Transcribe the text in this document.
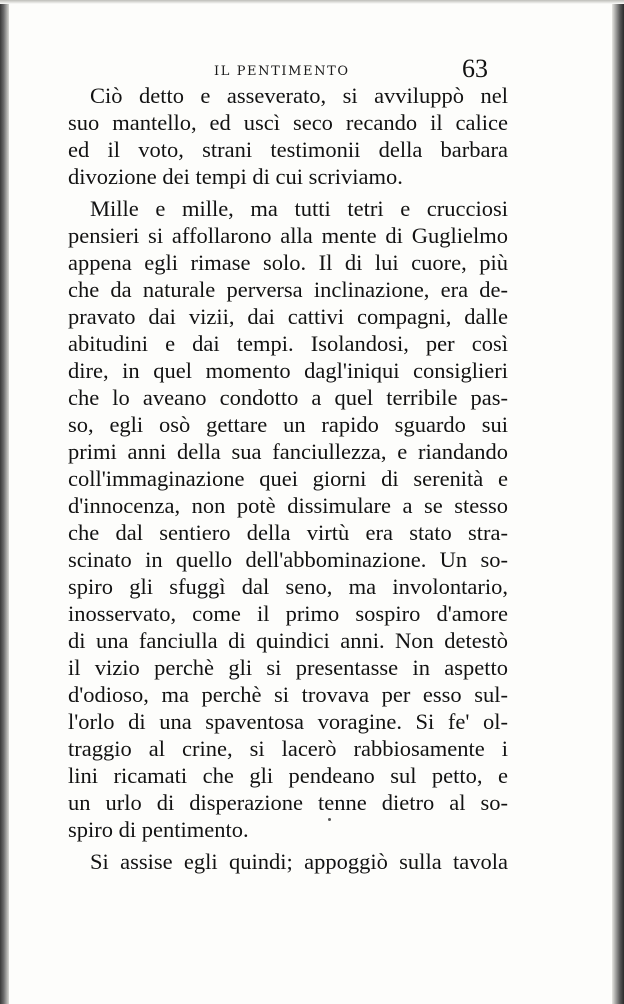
IL PENTIMENTO	63
Ciò detto e asseverato, si avviluppò nel
suo mantello, ed uscì seco recando il calice
ed il voto, strani testimonii della barbara
divozione dei tempi di cui scriviamo.
Mille e mille, ma tutti tetri e crucciosi
pensieri si affollarono alla mente di Guglielmo
appena egli rimase solo. Il di lui cuore, più
che da naturale perversa inclinazione, era de-
pravato dai vizii, dai cattivi compagni, dalle
abitudini e dai tempi. Isolandosi, per così
dire, in quel momento dagl'iniqui consiglieri
che lo aveano condotto a quel terribile pas-
so, egli osò gettare un rapido sguardo sui
primi anni della sua fanciullezza, e riandando
coll'immaginazione quei giorni di serenità e
d'innocenza, non potè dissimulare a se stesso
che dal sentiero della virtù era stato stra-
scinato in quello dell'abbominazione. Un so-
spiro gli sfuggì dal seno, ma involontario,
inosservato, come il primo sospiro d'amore
di una fanciulla di quindici anni. Non detestò
il vizio perchè gli si presentasse in aspetto
d'odioso, ma perchè si trovava per esso sul-
l'orlo di una spaventosa voragine. Si fe' ol-
traggio al crine, si lacerò rabbiosamente i
lini ricamati che gli pendeano sul petto, e
un urlo di disperazione tenne dietro al so-
spiro di pentimento.
Si assise egli quindi; appoggiò sulla tavola
